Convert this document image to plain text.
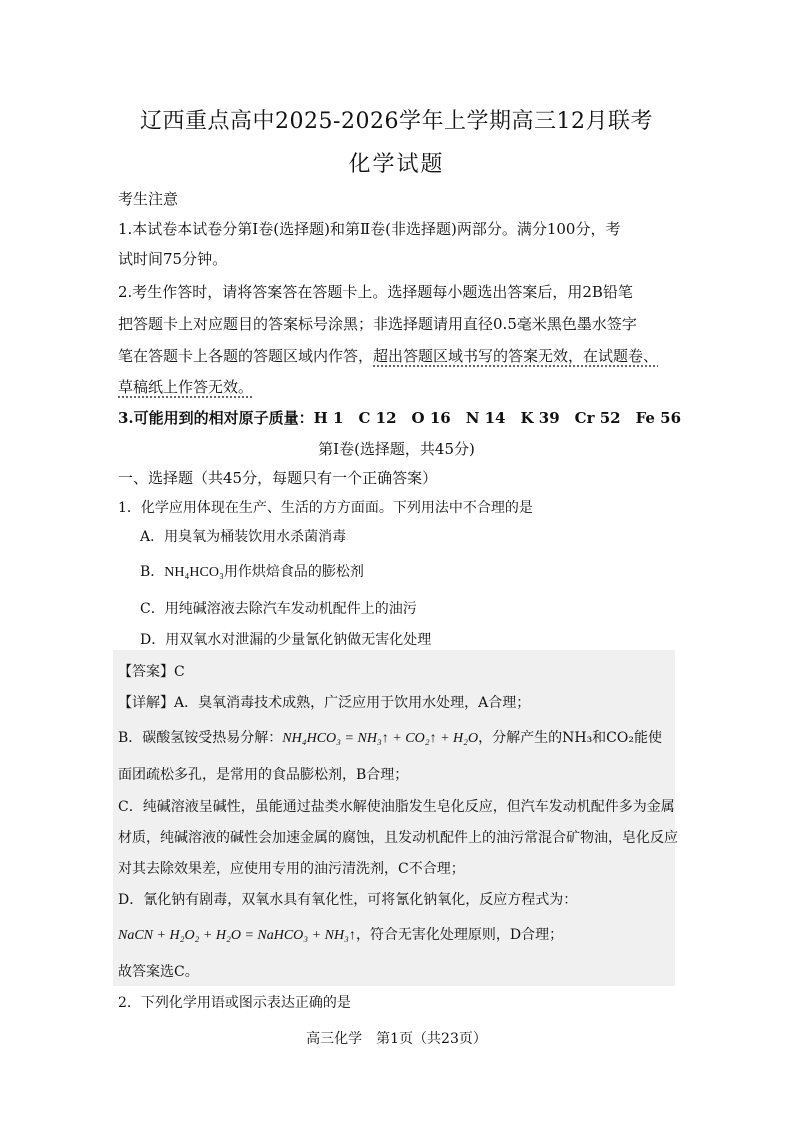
辽西重点高中2025-2026学年上学期高三12月联考
化学试题
考生注意
1.本试卷本试卷分第Ⅰ卷(选择题)和第Ⅱ卷(非选择题)两部分。满分100分，考
试时间75分钟。
2.考生作答时，请将答案答在答题卡上。选择题每小题选出答案后，用2B铅笔
把答题卡上对应题目的答案标号涂黑；非选择题请用直径0.5毫米黑色墨水签字
笔在答题卡上各题的答题区域内作答，超出答题区域书写的答案无效，在试题卷、
草稿纸上作答无效。
3.可能用到的相对原子质量：H 1　C 12　O 16　N 14　K 39　Cr 52　Fe 56
第Ⅰ卷(选择题，共45分)
一、选择题（共45分，每题只有一个正确答案）
1．化学应用体现在生产、生活的方方面面。下列用法中不合理的是
A．用臭氧为桶装饮用水杀菌消毒
B．NH₄HCO₃用作烘焙食品的膨松剂
C．用纯碱溶液去除汽车发动机配件上的油污
D．用双氧水对泄漏的少量氰化钠做无害化处理
【答案】C
【详解】A．臭氧消毒技术成熟，广泛应用于饮用水处理，A合理；
B．碳酸氢铵受热易分解：NH₄HCO₃ = NH₃↑ + CO₂↑ + H₂O，分解产生的NH₃和CO₂能使
面团疏松多孔，是常用的食品膨松剂，B合理；
C．纯碱溶液呈碱性，虽能通过盐类水解使油脂发生皂化反应，但汽车发动机配件多为金属
材质，纯碱溶液的碱性会加速金属的腐蚀，且发动机配件上的油污常混合矿物油，皂化反应
对其去除效果差，应使用专用的油污清洗剂，C不合理；
D．氰化钠有剧毒，双氧水具有氧化性，可将氰化钠氧化，反应方程式为：
NaCN + H₂O₂ + H₂O = NaHCO₃ + NH₃↑，符合无害化处理原则，D合理；
故答案选C。
2．下列化学用语或图示表达正确的是
高三化学　第1页（共23页）
